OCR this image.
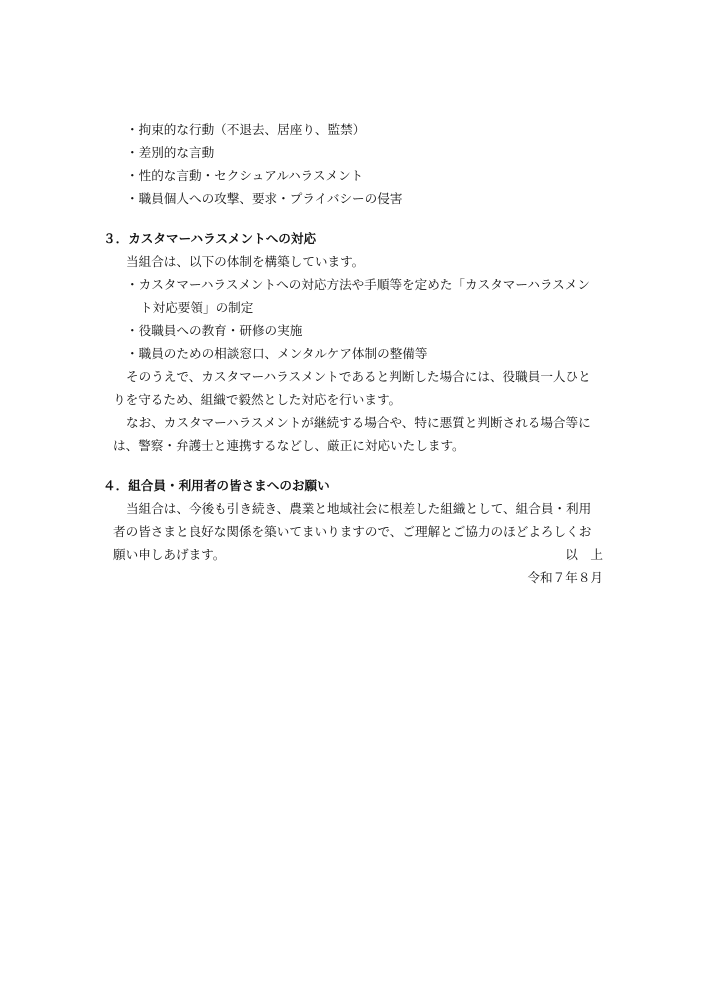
・拘束的な行動（不退去、居座り、監禁）
・差別的な言動
・性的な言動・セクシュアルハラスメント
・職員個人への攻撃、要求・プライバシーの侵害
３．カスタマーハラスメントへの対応
当組合は、以下の体制を構築しています。
・カスタマーハラスメントへの対応方法や手順等を定めた「カスタマーハラスメン
ト対応要領」の制定
・役職員への教育・研修の実施
・職員のための相談窓口、メンタルケア体制の整備等
そのうえで、カスタマーハラスメントであると判断した場合には、役職員一人ひと
りを守るため、組織で毅然とした対応を行います。
なお、カスタマーハラスメントが継続する場合や、特に悪質と判断される場合等に
は、警察・弁護士と連携するなどし、厳正に対応いたします。
４．組合員・利用者の皆さまへのお願い
当組合は、今後も引き続き、農業と地域社会に根差した組織として、組合員・利用
者の皆さまと良好な関係を築いてまいりますので、ご理解とご協力のほどよろしくお
願い申しあげます。	以　上
令和７年８月
